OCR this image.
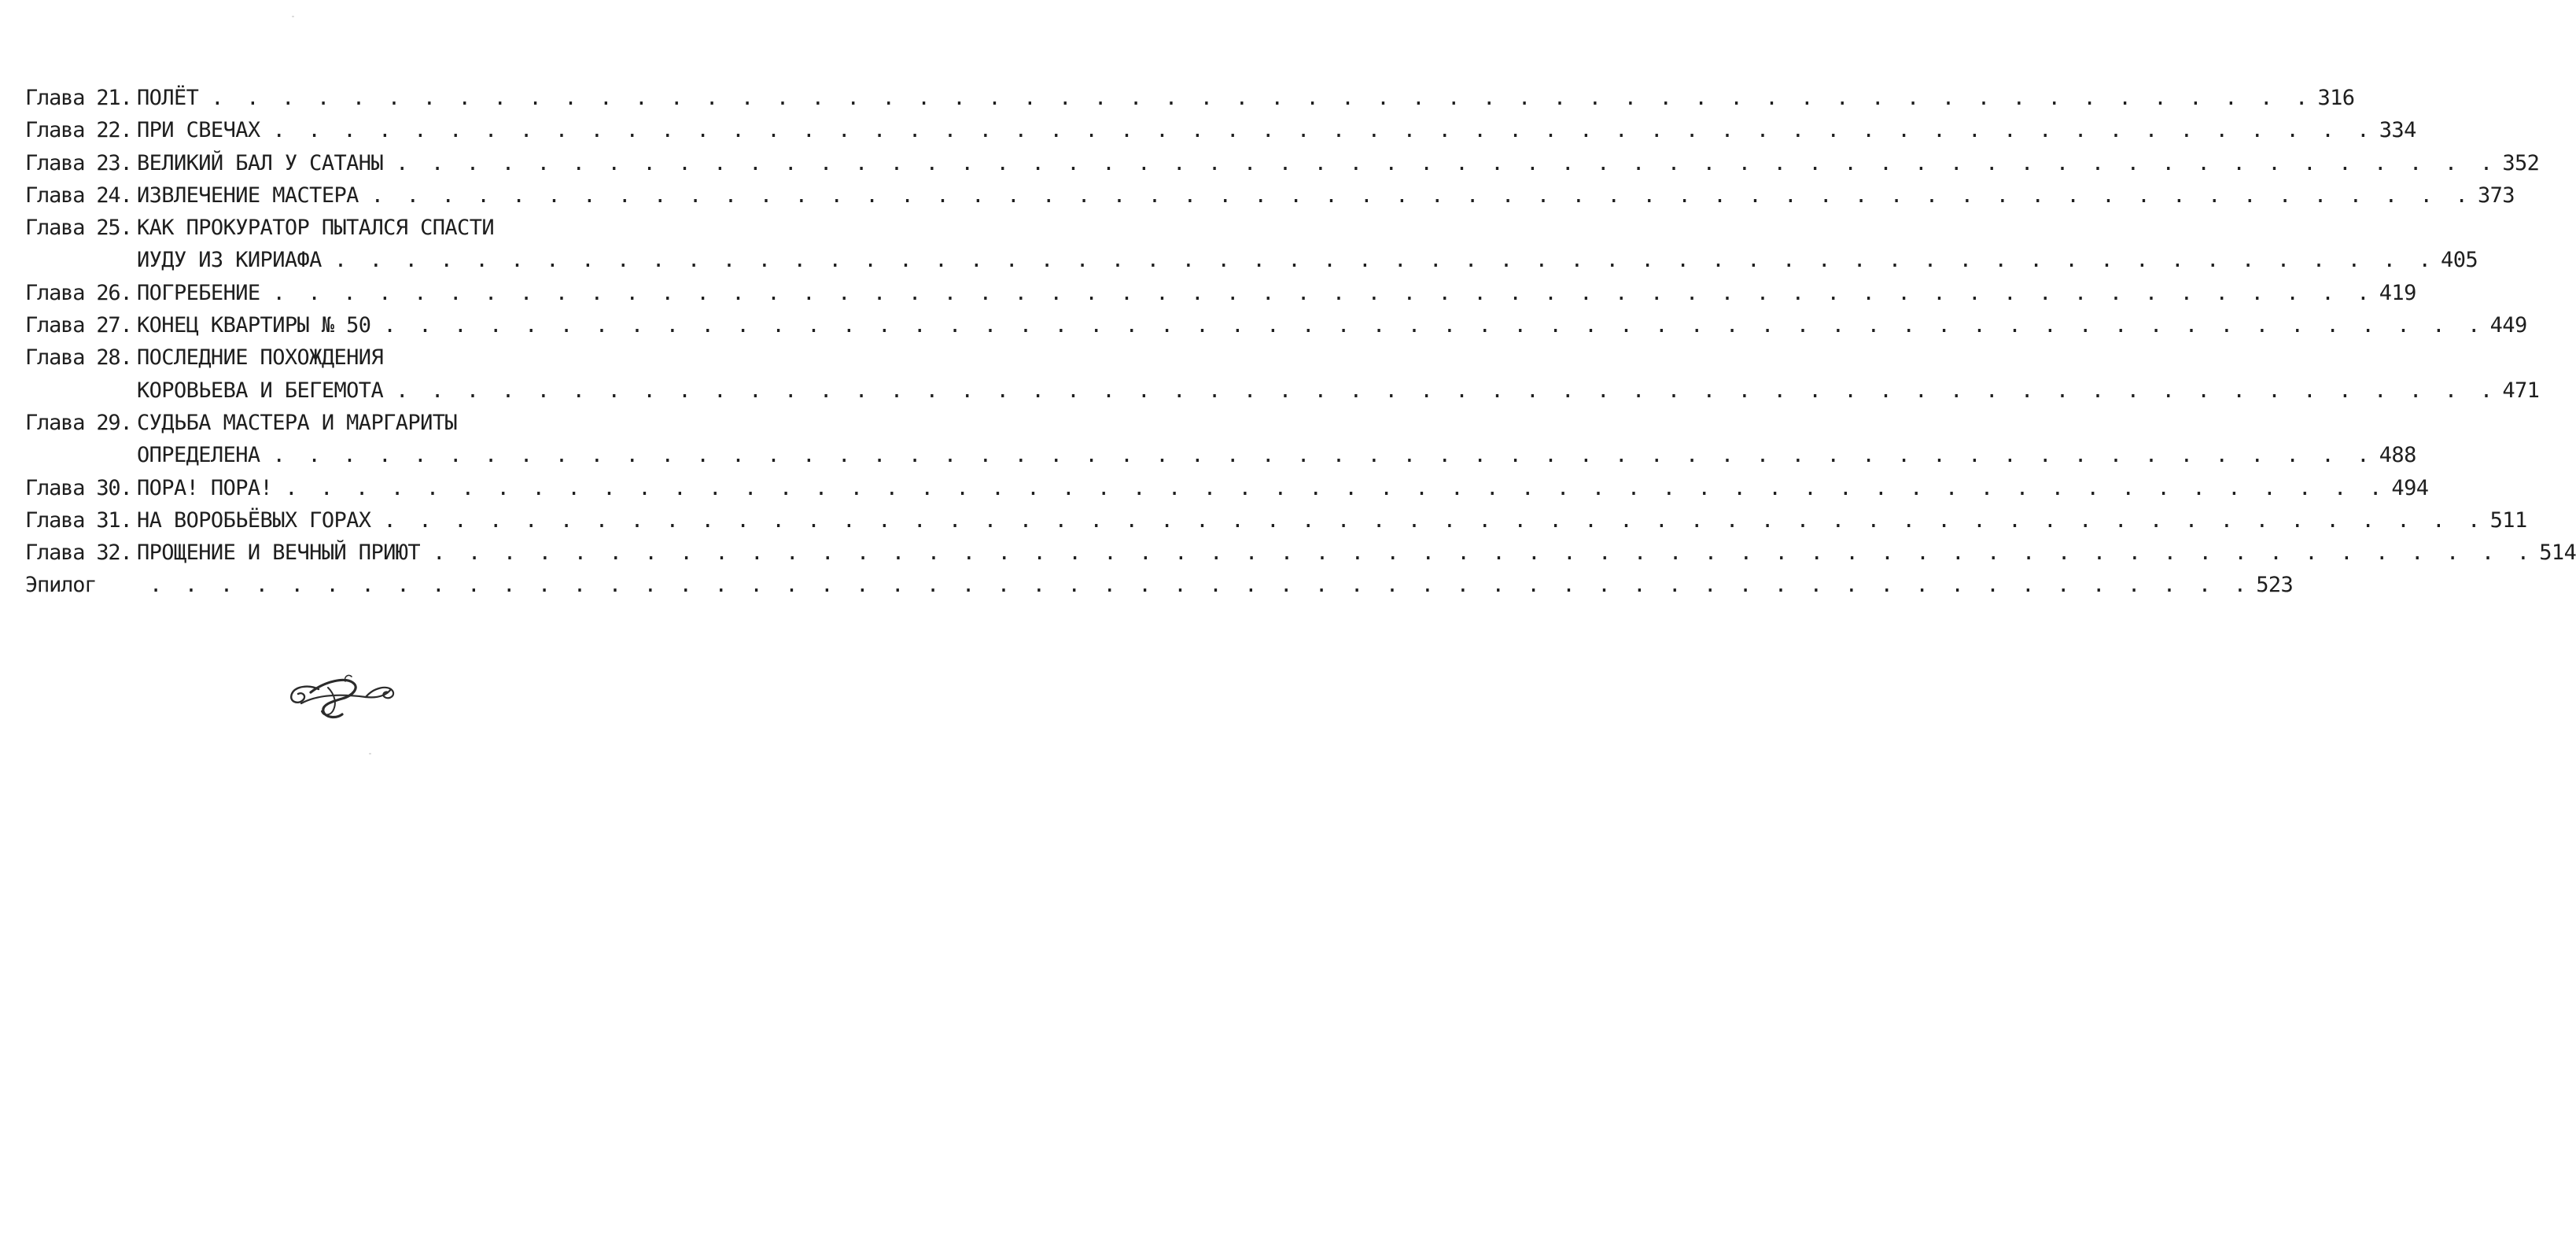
Глава 21. ПОЛЁТ . . . . . . . . . . . . . . . . . . . . . . . . . . . . . . . . . . . . . . . . . . . . . . . . . . . . . . . . . . . . 316
Глава 22. ПРИ СВЕЧАХ . . . . . . . . . . . . . . . . . . . . . . . . . . . . . . . . . . . . . . . . . . . . . . . . . . . . . . . . . . . . 334
Глава 23. ВЕЛИКИЙ БАЛ У САТАНЫ . . . . . . . . . . . . . . . . . . . . . . . . . . . . . . . . . . . . . . . . . . . . . . . . . . . . . . . . . . . . 352
Глава 24. ИЗВЛЕЧЕНИЕ МАСТЕРА . . . . . . . . . . . . . . . . . . . . . . . . . . . . . . . . . . . . . . . . . . . . . . . . . . . . . . . . . . . . 373
Глава 25. КАК ПРОКУРАТОР ПЫТАЛСЯ СПАСТИ
ИУДУ ИЗ КИРИАФА . . . . . . . . . . . . . . . . . . . . . . . . . . . . . . . . . . . . . . . . . . . . . . . . . . . . . . . . . . . . 405
Глава 26. ПОГРЕБЕНИЕ . . . . . . . . . . . . . . . . . . . . . . . . . . . . . . . . . . . . . . . . . . . . . . . . . . . . . . . . . . . . 419
Глава 27. КОНЕЦ КВАРТИРЫ № 50 . . . . . . . . . . . . . . . . . . . . . . . . . . . . . . . . . . . . . . . . . . . . . . . . . . . . . . . . . . . . 449
Глава 28. ПОСЛЕДНИЕ ПОХОЖДЕНИЯ
КОРОВЬЕВА И БЕГЕМОТА . . . . . . . . . . . . . . . . . . . . . . . . . . . . . . . . . . . . . . . . . . . . . . . . . . . . . . . . . . . . 471
Глава 29. СУДЬБА МАСТЕРА И МАРГАРИТЫ
ОПРЕДЕЛЕНА . . . . . . . . . . . . . . . . . . . . . . . . . . . . . . . . . . . . . . . . . . . . . . . . . . . . . . . . . . . . 488
Глава 30. ПОРА! ПОРА! . . . . . . . . . . . . . . . . . . . . . . . . . . . . . . . . . . . . . . . . . . . . . . . . . . . . . . . . . . . . 494
Глава 31. НА ВОРОБЬЁВЫХ ГОРАХ . . . . . . . . . . . . . . . . . . . . . . . . . . . . . . . . . . . . . . . . . . . . . . . . . . . . . . . . . . . . 511
Глава 32. ПРОЩЕНИЕ И ВЕЧНЫЙ ПРИЮТ . . . . . . . . . . . . . . . . . . . . . . . . . . . . . . . . . . . . . . . . . . . . . . . . . . . . . . . . . . . . 514
Эпилог	. . . . . . . . . . . . . . . . . . . . . . . . . . . . . . . . . . . . . . . . . . . . . . . . . . . . . . . . . . . . 523
